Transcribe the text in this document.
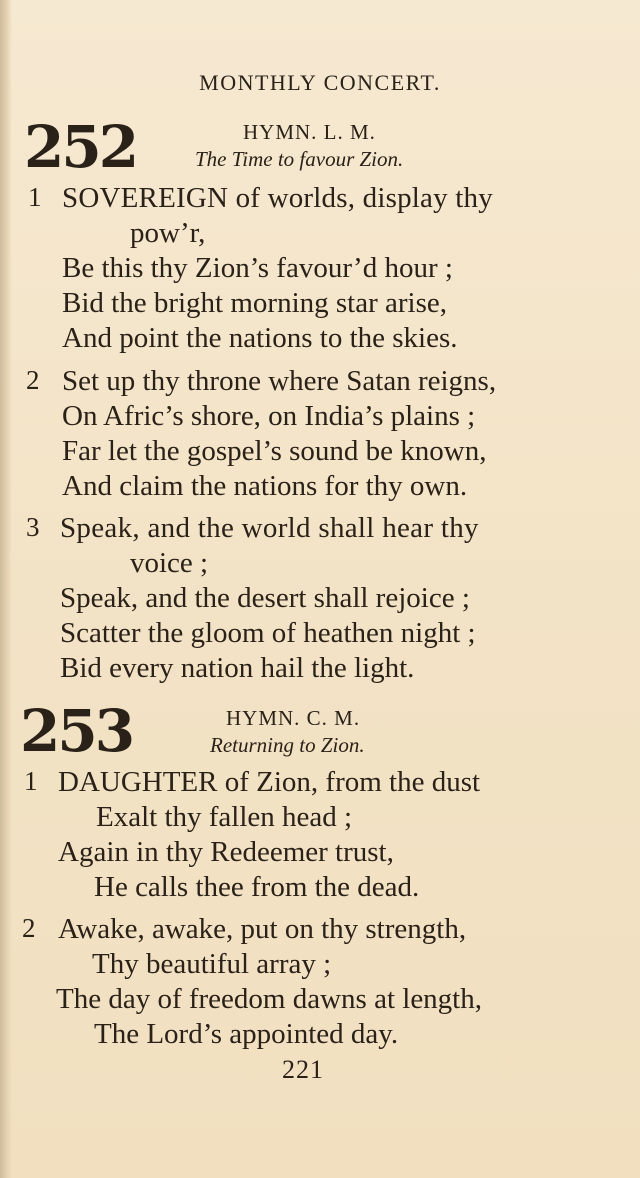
MONTHLY CONCERT.
252	HYMN. L. M.
The Time to favour Zion.
1 SOVEREIGN of worlds, display thy
pow’r,
Be this thy Zion’s favour’d hour ;
Bid the bright morning star arise,
And point the nations to the skies.
2 Set up thy throne where Satan reigns,
On Afric’s shore, on India’s plains ;
Far let the gospel’s sound be known,
And claim the nations for thy own.
3 Speak, and the world shall hear thy
voice ;
Speak, and the desert shall rejoice ;
Scatter the gloom of heathen night ;
Bid every nation hail the light.
253	HYMN. C. M.
Returning to Zion.
1 DAUGHTER of Zion, from the dust
Exalt thy fallen head ;
Again in thy Redeemer trust,
He calls thee from the dead.
2 Awake, awake, put on thy strength,
Thy beautiful array ;
The day of freedom dawns at length,
The Lord’s appointed day.
221
